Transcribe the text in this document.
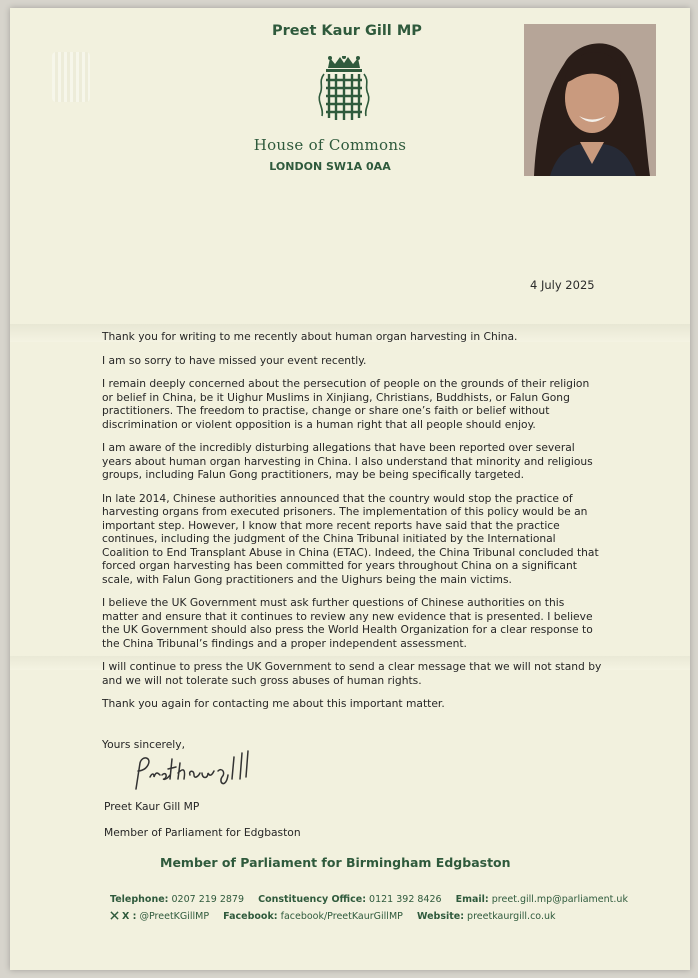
Preet Kaur Gill MP
House of Commons
LONDON SW1A 0AA
4 July 2025

Thank you for writing to me recently about human organ harvesting in China.

I am so sorry to have missed your event recently.

I remain deeply concerned about the persecution of people on the grounds of their religion or belief in China, be it Uighur Muslims in Xinjiang, Christians, Buddhists, or Falun Gong practitioners. The freedom to practise, change or share one’s faith or belief without discrimination or violent opposition is a human right that all people should enjoy.

I am aware of the incredibly disturbing allegations that have been reported over several years about human organ harvesting in China. I also understand that minority and religious groups, including Falun Gong practitioners, may be being specifically targeted.

In late 2014, Chinese authorities announced that the country would stop the practice of harvesting organs from executed prisoners. The implementation of this policy would be an important step. However, I know that more recent reports have said that the practice continues, including the judgment of the China Tribunal initiated by the International Coalition to End Transplant Abuse in China (ETAC). Indeed, the China Tribunal concluded that forced organ harvesting has been committed for years throughout China on a significant scale, with Falun Gong practitioners and the Uighurs being the main victims.

I believe the UK Government must ask further questions of Chinese authorities on this matter and ensure that it continues to review any new evidence that is presented. I believe the UK Government should also press the World Health Organization for a clear response to the China Tribunal’s findings and a proper independent assessment.

I will continue to press the UK Government to send a clear message that we will not stand by and we will not tolerate such gross abuses of human rights.

Thank you again for contacting me about this important matter.

Yours sincerely,
Preet Kaur Gill MP
Member of Parliament for Edgbaston
Member of Parliament for Birmingham Edgbaston
Telephone: 0207 219 2879 Constituency Office: 0121 392 8426 Email: preet.gill.mp@parliament.uk
X : @PreetKGillMP Facebook: facebook/PreetKaurGillMP Website: preetkaurgill.co.uk
